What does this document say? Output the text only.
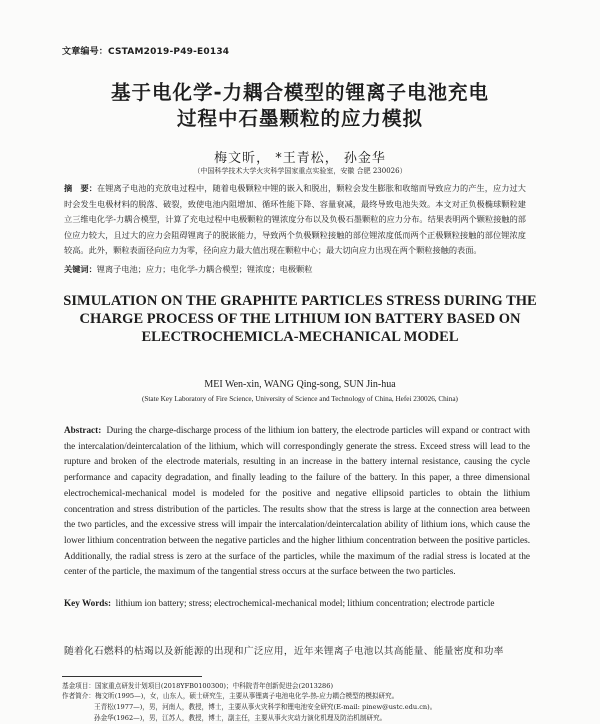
文章编号：CSTAM2019-P49-E0134
基于电化学-力耦合模型的锂离子电池充电
过程中石墨颗粒的应力模拟
梅文昕， *王青松， 孙金华
（中国科学技术大学火灾科学国家重点实验室，安徽 合肥 230026）
摘　要：在锂离子电池的充放电过程中，随着电极颗粒中锂的嵌入和脱出，颗粒会发生膨胀和收缩而导致应力的产生，应力过大时会发生电极材料的脱落、破裂，致使电池内阻增加、循环性能下降、容量衰减，最终导致电池失效。本文对正负极椭球颗粒建立三维电化学-力耦合模型，计算了充电过程中电极颗粒的锂浓度分布以及负极石墨颗粒的应力分布。结果表明两个颗粒接触的部位应力较大，且过大的应力会阻碍锂离子的脱嵌能力，导致两个负极颗粒接触的部位锂浓度低而两个正极颗粒接触的部位锂浓度较高。此外，颗粒表面径向应力为零，径向应力最大值出现在颗粒中心；最大切向应力出现在两个颗粒接触的表面。
关键词：锂离子电池；应力；电化学-力耦合模型；锂浓度；电极颗粒
SIMULATION ON THE GRAPHITE PARTICLES STRESS DURING THE
CHARGE PROCESS OF THE LITHIUM ION BATTERY BASED ON
ELECTROCHEMICLA-MECHANICAL MODEL
MEI Wen-xin, WANG Qing-song, SUN Jin-hua
(State Key Laboratory of Fire Science, University of Science and Technology of China, Hefei 230026, China)
Abstract: During the charge-discharge process of the lithium ion battery, the electrode particles will expand or contract with the intercalation/deintercalation of the lithium, which will correspondingly generate the stress. Exceed stress will lead to the rupture and broken of the electrode materials, resulting in an increase in the battery internal resistance, causing the cycle performance and capacity degradation, and finally leading to the failure of the battery. In this paper, a three dimensional electrochemical-mechanical model is modeled for the positive and negative ellipsoid particles to obtain the lithium concentration and stress distribution of the particles. The results show that the stress is large at the connection area between the two particles, and the excessive stress will impair the intercalation/deintercalation ability of lithium ions, which cause the lower lithium concentration between the negative particles and the higher lithium concentration between the positive particles. Additionally, the radial stress is zero at the surface of the particles, while the maximum of the radial stress is located at the center of the particle, the maximum of the tangential stress occurs at the surface between the two particles.
Key Words: lithium ion battery; stress; electrochemical-mechanical model; lithium concentration; electrode particle
随着化石燃料的枯竭以及新能源的出现和广泛应用，近年来锂离子电池以其高能量、能量密度和功率
基金项目：国家重点研发计划项目(2018YFB0100300)；中科院青年创新促进会(2013286)
作者简介：梅文昕(1995—)，女，山东人，硕士研究生，主要从事锂离子电池电化学-热-应力耦合模型的模拟研究。
王青松(1977—)，男，河南人，教授，博士，主要从事火灾科学和锂电池安全研究(E-mail: pinew@ustc.edu.cn)。
孙金华(1962—)，男，江苏人，教授，博士，副主任，主要从事火灾动力演化机理及防治机制研究。
